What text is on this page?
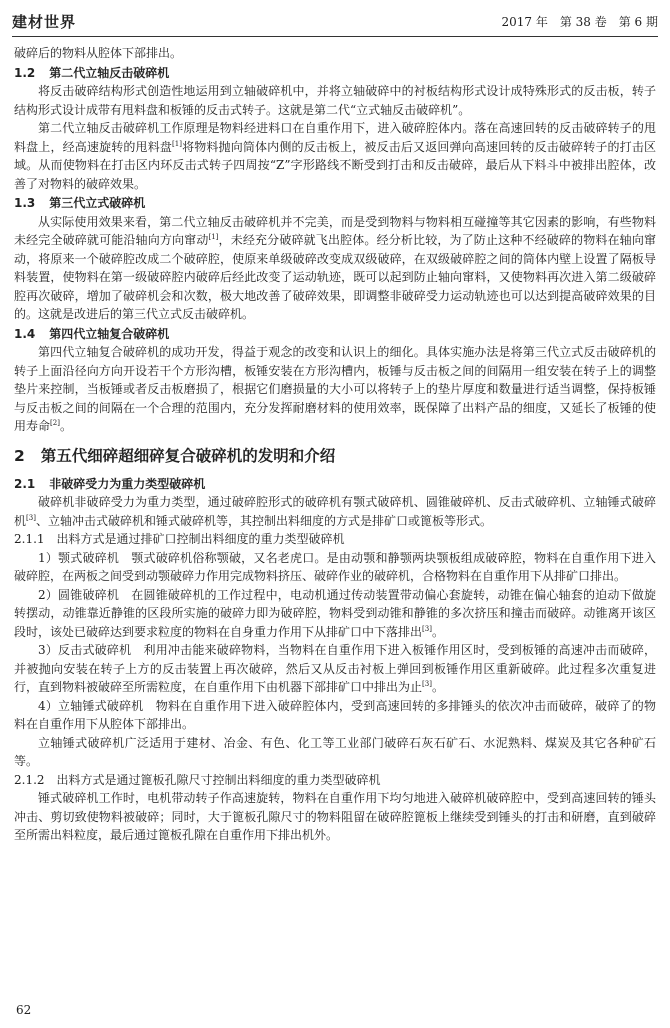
建材世界	2017 年　第 38 卷　第 6 期

破碎后的物料从腔体下部排出。

1.2 第二代立轴反击破碎机

将反击破碎结构形式创造性地运用到立轴破碎机中，并将立轴破碎中的衬板结构形式设计成特殊形式的反击板，转子结构形式设计成带有甩料盘和板锤的反击式转子。这就是第二代“立式轴反击破碎机”。

第二代立轴反击破碎机工作原理是物料经进料口在自重作用下，进入破碎腔体内。落在高速回转的反击破碎转子的甩料盘上，经高速旋转的甩料盘[1]将物料抛向筒体内侧的反击板上，被反击后又返回弹向高速回转的反击破碎转子的打击区域。从而使物料在打击区内环反击式转子四周按“Z”字形路线不断受到打击和反击破碎，最后从下料斗中被排出腔体，改善了对物料的破碎效果。

1.3 第三代立式破碎机

从实际使用效果来看，第二代立轴反击破碎机并不完美，而是受到物料与物料相互碰撞等其它因素的影响，有些物料未经完全破碎就可能沿轴向方向窜动[1]，未经充分破碎就飞出腔体。经分析比较，为了防止这种不经破碎的物料在轴向窜动，将原来一个破碎腔改成二个破碎腔，使原来单级破碎改变成双级破碎，在双级破碎腔之间的筒体内壁上设置了隔板导料装置，使物料在第一级破碎腔内破碎后经此改变了运动轨迹，既可以起到防止轴向窜料，又使物料再次进入第二级破碎腔再次破碎，增加了破碎机会和次数，极大地改善了破碎效果，即调整非破碎受力运动轨迹也可以达到提高破碎效果的目的。这就是改进后的第三代立式反击破碎机。

1.4 第四代立轴复合破碎机

第四代立轴复合破碎机的成功开发，得益于观念的改变和认识上的细化。具体实施办法是将第三代立式反击破碎机的转子上面沿径向方向开设若干个方形沟槽，板锤安装在方形沟槽内，板锤与反击板之间的间隔用一组安装在转子上的调整垫片来控制，当板锤或者反击板磨损了，根据它们磨损量的大小可以将转子上的垫片厚度和数量进行适当调整，保持板锤与反击板之间的间隔在一个合理的范围内，充分发挥耐磨材料的使用效率，既保障了出料产品的细度，又延长了板锤的使用寿命[2]。

2 第五代细碎超细碎复合破碎机的发明和介绍

2.1 非破碎受力为重力类型破碎机

破碎机非破碎受力为重力类型，通过破碎腔形式的破碎机有颚式破碎机、圆锥破碎机、反击式破碎机、立轴锤式破碎机[3]、立轴冲击式破碎机和锤式破碎机等，其控制出料细度的方式是排矿口或篦板等形式。

2.1.1 出料方式是通过排矿口控制出料细度的重力类型破碎机

1）颚式破碎机　颚式破碎机俗称颚破，又名老虎口。是由动颚和静颚两块颚板组成破碎腔，物料在自重作用下进入破碎腔，在两板之间受到动颚破碎力作用完成物料挤压、破碎作业的破碎机，合格物料在自重作用下从排矿口排出。

2）圆锥破碎机　在圆锥破碎机的工作过程中，电动机通过传动装置带动偏心套旋转，动锥在偏心轴套的迫动下做旋转摆动，动锥靠近静锥的区段所实施的破碎力即为破碎腔，物料受到动锥和静锥的多次挤压和撞击而破碎。动锥离开该区段时，该处已破碎达到要求粒度的物料在自身重力作用下从排矿口中下落排出[3]。

3）反击式破碎机　利用冲击能来破碎物料，当物料在自重作用下进入板锤作用区时，受到板锤的高速冲击而破碎，并被抛向安装在转子上方的反击装置上再次破碎，然后又从反击衬板上弹回到板锤作用区重新破碎。此过程多次重复进行，直到物料被破碎至所需粒度，在自重作用下由机器下部排矿口中排出为止[3]。

4）立轴锤式破碎机　物料在自重作用下进入破碎腔体内，受到高速回转的多排锤头的依次冲击而破碎，破碎了的物料在自重作用下从腔体下部排出。

立轴锤式破碎机广泛适用于建材、冶金、有色、化工等工业部门破碎石灰石矿石、水泥熟料、煤炭及其它各种矿石等。

2.1.2 出料方式是通过篦板孔隙尺寸控制出料细度的重力类型破碎机

锤式破碎机工作时，电机带动转子作高速旋转，物料在自重作用下均匀地进入破碎机破碎腔中，受到高速回转的锤头冲击、剪切致使物料被破碎；同时，大于篦板孔隙尺寸的物料阻留在破碎腔篦板上继续受到锤头的打击和研磨，直到破碎至所需出料粒度，最后通过篦板孔隙在自重作用下排出机外。

62
